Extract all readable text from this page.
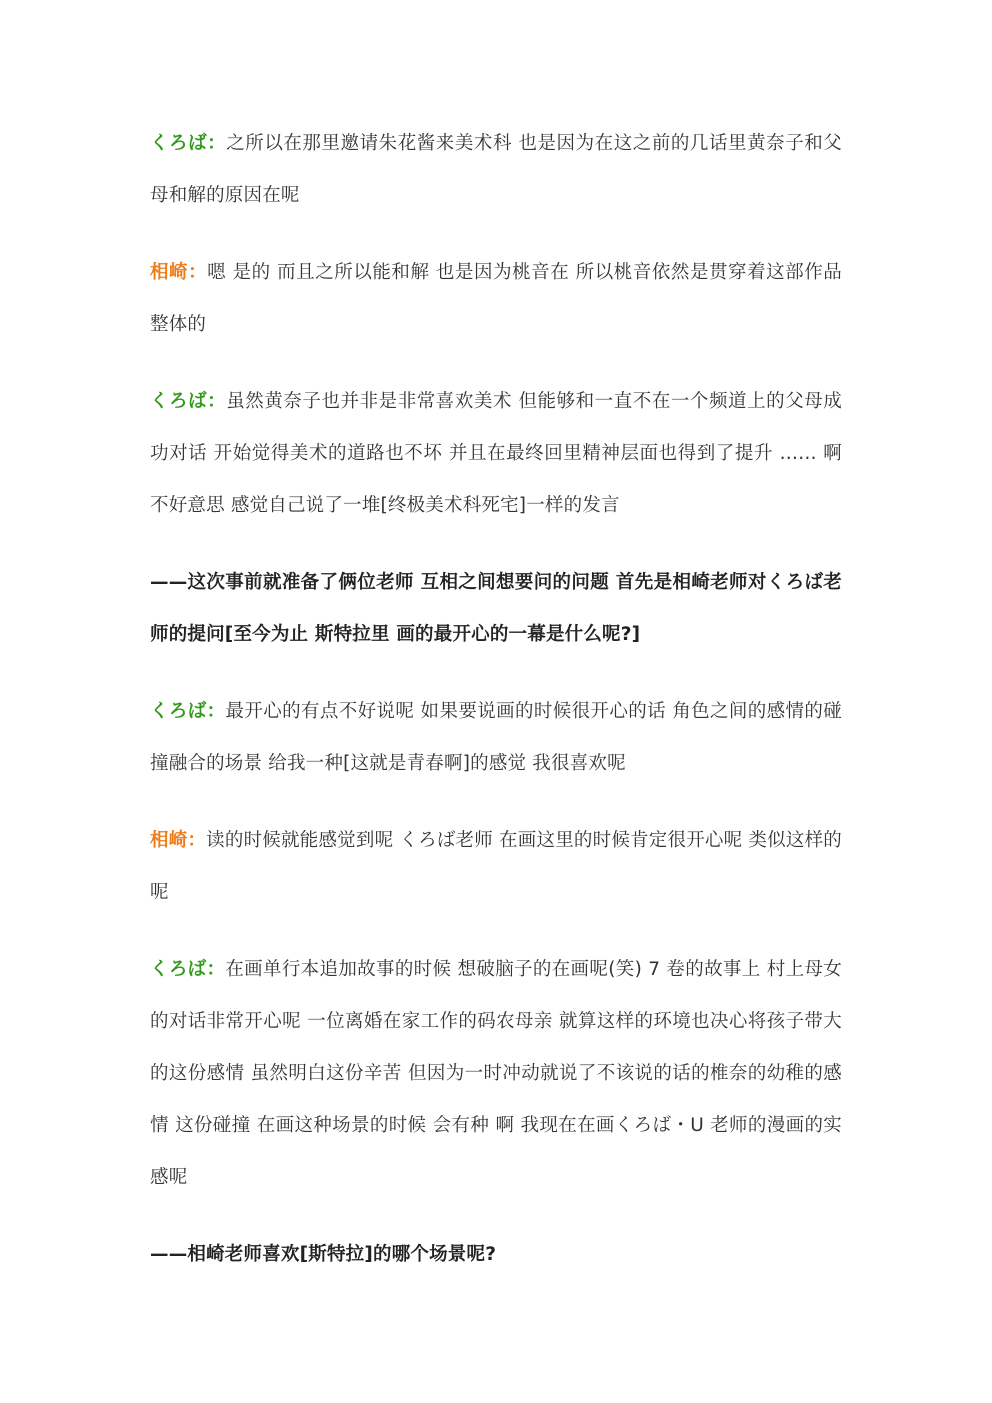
くろば：之所以在那里邀请朱花酱来美术科 也是因为在这之前的几话里黄奈子和父母和解的原因在呢

相崎：嗯 是的 而且之所以能和解 也是因为桃音在 所以桃音依然是贯穿着这部作品整体的

くろば：虽然黄奈子也并非是非常喜欢美术 但能够和一直不在一个频道上的父母成功对话 开始觉得美术的道路也不坏 并且在最终回里精神层面也得到了提升 …… 啊 不好意思 感觉自己说了一堆[终极美术科死宅]一样的发言

——这次事前就准备了俩位老师 互相之间想要问的问题 首先是相崎老师对くろば老师的提问[至今为止 斯特拉里 画的最开心的一幕是什么呢?]

くろば：最开心的有点不好说呢 如果要说画的时候很开心的话 角色之间的感情的碰撞融合的场景 给我一种[这就是青春啊]的感觉 我很喜欢呢

相崎：读的时候就能感觉到呢 くろば老师 在画这里的时候肯定很开心呢 类似这样的呢

くろば：在画单行本追加故事的时候 想破脑子的在画呢(笑) 7 卷的故事上 村上母女的对话非常开心呢 一位离婚在家工作的码农母亲 就算这样的环境也决心将孩子带大的这份感情 虽然明白这份辛苦 但因为一时冲动就说了不该说的话的椎奈的幼稚的感情 这份碰撞 在画这种场景的时候 会有种 啊 我现在在画くろば・U 老师的漫画的实感呢

——相崎老师喜欢[斯特拉]的哪个场景呢?
